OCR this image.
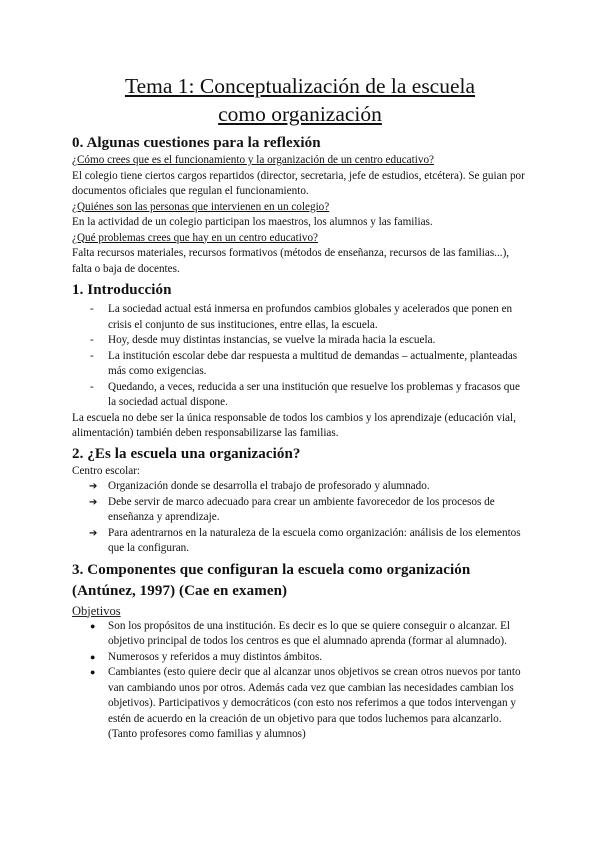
Tema 1: Conceptualización de la escuela
como organización
0. Algunas cuestiones para la reflexión

¿Cómo crees que es el funcionamiento y la organización de un centro educativo?

El colegio tiene ciertos cargos repartidos (director, secretaria, jefe de estudios, etcétera). Se guian por documentos oficiales que regulan el funcionamiento.

¿Quiénes son las personas que intervienen en un colegio?

En la actividad de un colegio participan los maestros, los alumnos y las familias.

¿Qué problemas crees que hay en un centro educativo?

Falta recursos materiales, recursos formativos (métodos de enseñanza, recursos de las familias...), falta o baja de docentes.

1. Introducción
- La sociedad actual está inmersa en profundos cambios globales y acelerados que ponen en crisis el conjunto de sus instituciones, entre ellas, la escuela.
- Hoy, desde muy distintas instancias, se vuelve la mirada hacia la escuela.
- La institución escolar debe dar respuesta a multitud de demandas – actualmente, planteadas más como exigencias.
- Quedando, a veces, reducida a ser una institución que resuelve los problemas y fracasos que la sociedad actual dispone.

La escuela no debe ser la única responsable de todos los cambios y los aprendizaje (educación vial, alimentación) también deben responsabilizarse las familias.

2. ¿Es la escuela una organización?

Centro escolar:

➔ Organización donde se desarrolla el trabajo de profesorado y alumnado.
➔ Debe servir de marco adecuado para crear un ambiente favorecedor de los procesos de enseñanza y aprendizaje.
➔ Para adentrarnos en la naturaleza de la escuela como organización: análisis de los elementos que la configuran.
3. Componentes que configuran la escuela como organización
(Antúnez, 1997) (Cae en examen)

Objetivos

● Son los propósitos de una institución. Es decir es lo que se quiere conseguir o alcanzar. El objetivo principal de todos los centros es que el alumnado aprenda (formar al alumnado).
● Numerosos y referidos a muy distintos ámbitos.
● Cambiantes (esto quiere decir que al alcanzar unos objetivos se crean otros nuevos por tanto van cambiando unos por otros. Además cada vez que cambian las necesidades cambian los objetivos). Participativos y democráticos (con esto nos referimos a que todos intervengan y estén de acuerdo en la creación de un objetivo para que todos luchemos para alcanzarlo. (Tanto profesores como familias y alumnos)
